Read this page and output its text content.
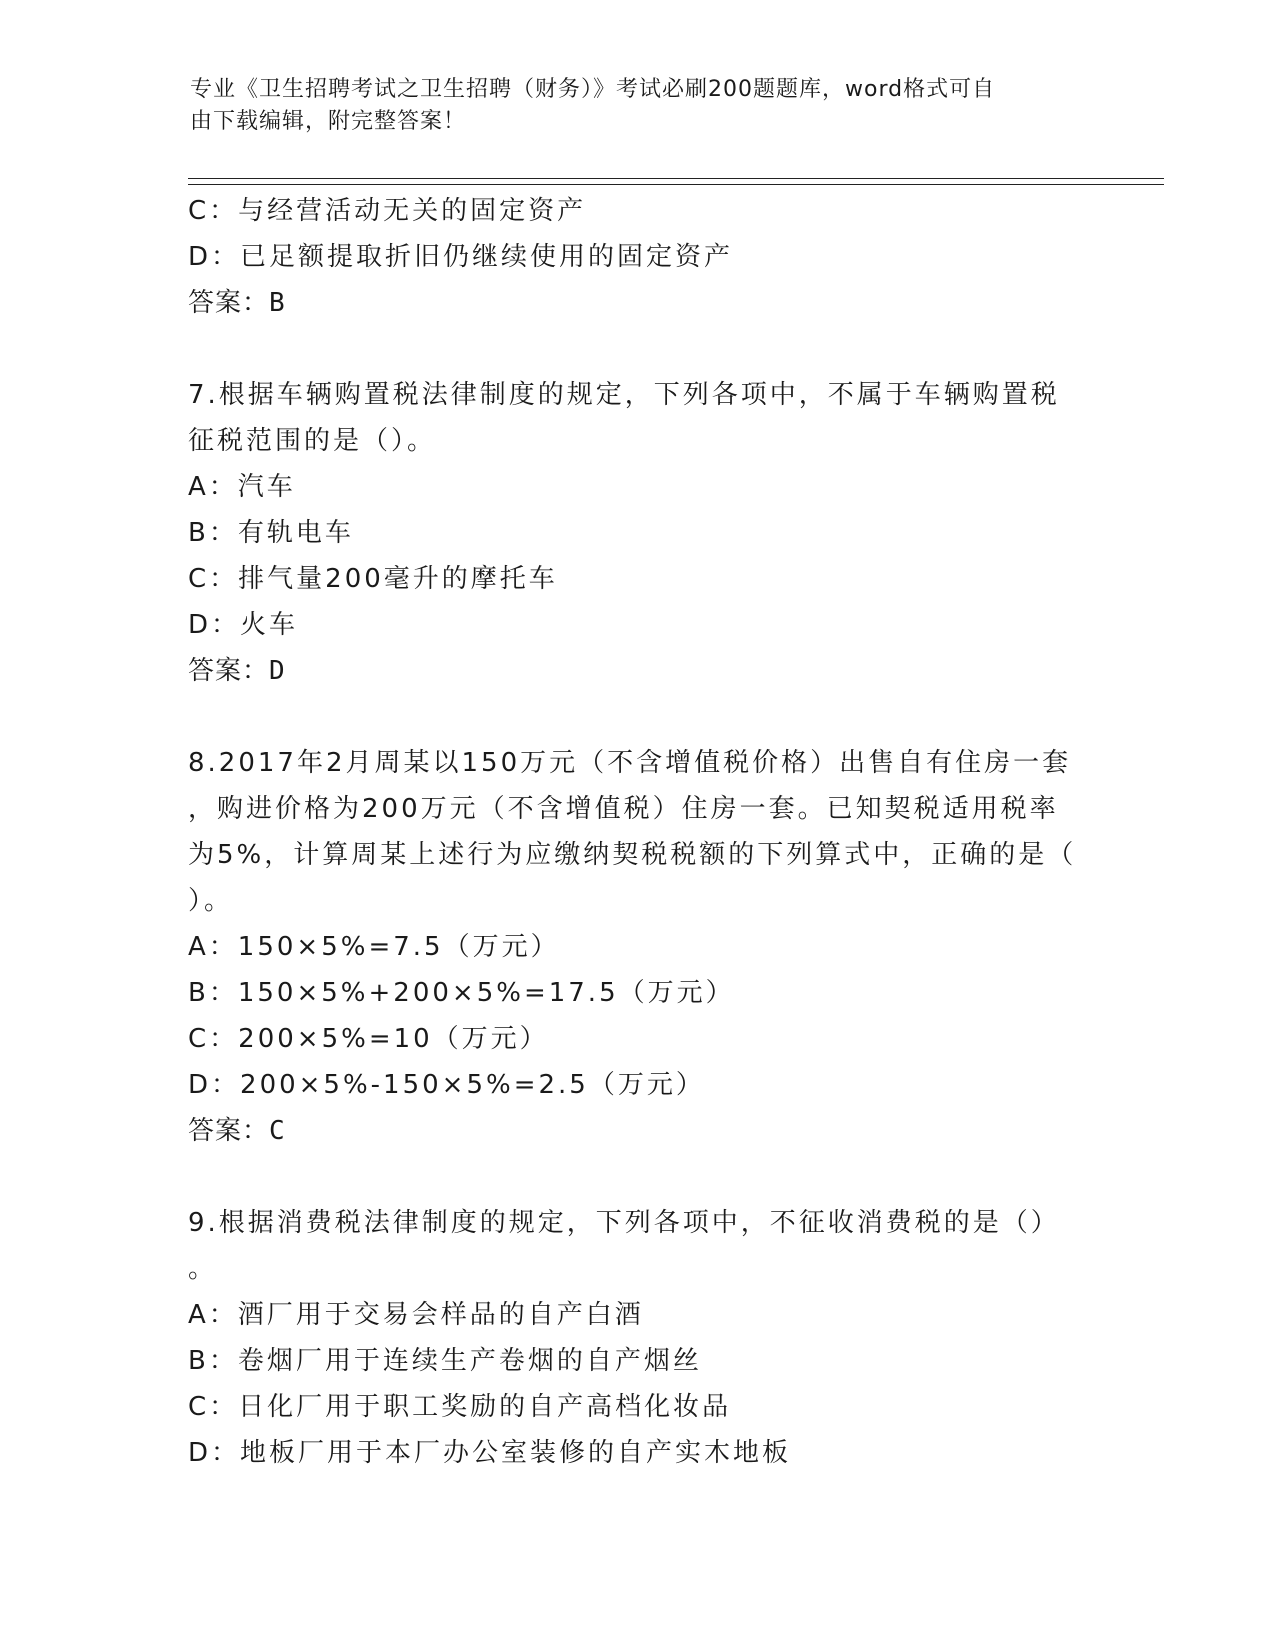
专业《卫生招聘考试之卫生招聘（财务）》考试必刷200题题库，word格式可自
由下载编辑，附完整答案！
C：与经营活动无关的固定资产
D：已足额提取折旧仍继续使用的固定资产
答案：B
7.根据车辆购置税法律制度的规定，下列各项中，不属于车辆购置税
征税范围的是（）。
A：汽车
B：有轨电车
C：排气量200毫升的摩托车
D：火车
答案：D
8.2017年2月周某以150万元（不含增值税价格）出售自有住房一套
，购进价格为200万元（不含增值税）住房一套。已知契税适用税率
为5%，计算周某上述行为应缴纳契税税额的下列算式中，正确的是（
）。
A：150×5%=7.5（万元）
B：150×5%+200×5%=17.5（万元）
C：200×5%=10（万元）
D：200×5%-150×5%=2.5（万元）
答案：C
9.根据消费税法律制度的规定，下列各项中，不征收消费税的是（）
。
A：酒厂用于交易会样品的自产白酒
B：卷烟厂用于连续生产卷烟的自产烟丝
C：日化厂用于职工奖励的自产高档化妆品
D：地板厂用于本厂办公室装修的自产实木地板
